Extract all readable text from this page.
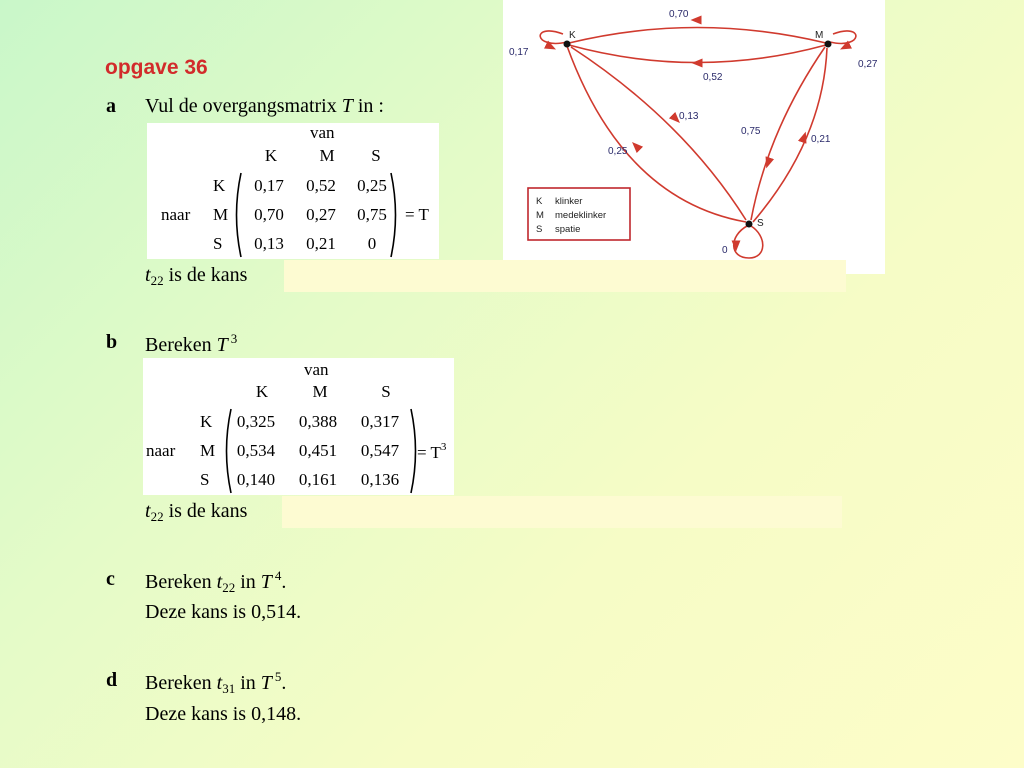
opgave 36
K	M
S
0,70
0,52
0,17
0,27
0
0,13
0,25
0,75
0,21
K klinker
M medeklinker
S spatie
a Vul de overgangsmatrix T in :
van
K	M	S
naar
K
M
S
0,17	0,52	0,25
0,70	0,27	0,75
0,13	0,21	0
= T
$t_{22}$ is de kans
b Bereken T $^3$
van
K	M	S
naar
K
M
S
0,325 0,388 0,317
0,534 0,451 0,547
0,140 0,161 0,136
= $T^3$
$t_{22}$ is de kans
c Bereken $t_{22}$ in T $^4$.
Deze kans is 0,514.
d Bereken $t_{31}$ in T $^5$.
Deze kans is 0,148.
